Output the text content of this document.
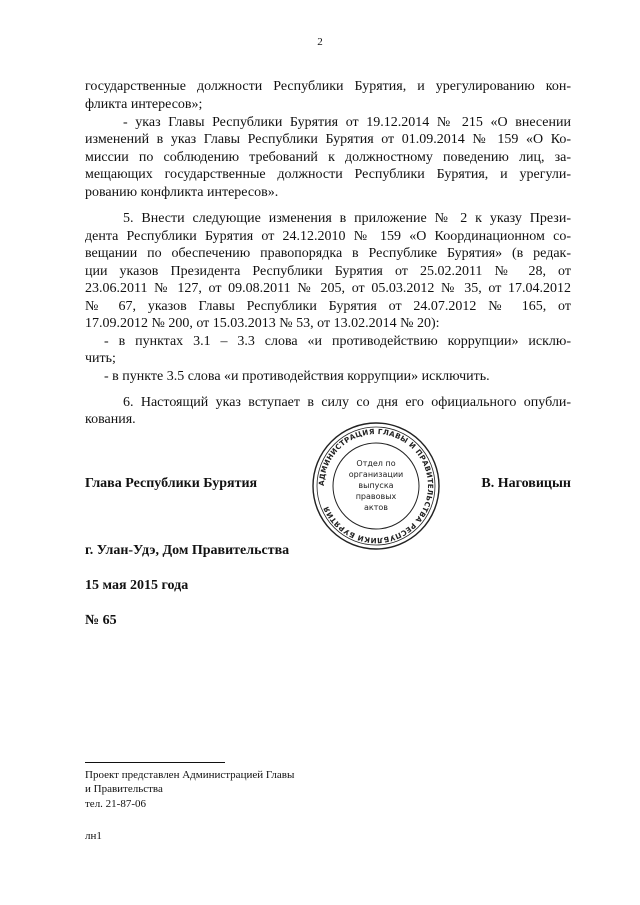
2
государственные должности Республики Бурятия, и урегулированию кон-
фликта интересов»;
- указ Главы Республики Бурятия от 19.12.2014 № 215 «О внесении
изменений в указ Главы Республики Бурятия от 01.09.2014 № 159 «О Ко-
миссии по соблюдению требований к должностному поведению лиц, за-
мещающих государственные должности Республики Бурятия, и урегули-
рованию конфликта интересов».
5. Внести следующие изменения в приложение № 2 к указу Прези-
дента Республики Бурятия от 24.12.2010 № 159 «О Координационном со-
вещании по обеспечению правопорядка в Республике Бурятия» (в редак-
ции указов Президента Республики Бурятия от 25.02.2011 № 28, от
23.06.2011 № 127, от 09.08.2011 № 205, от 05.03.2012 № 35, от 17.04.2012
№ 67, указов Главы Республики Бурятия от 24.07.2012 № 165, от
17.09.2012 № 200, от 15.03.2013 № 53, от 13.02.2014 № 20):
- в пунктах 3.1 – 3.3 слова «и противодействию коррупции» исклю-
чить;
- в пункте 3.5 слова «и противодействия коррупции» исключить.
6. Настоящий указ вступает в силу со дня его официального опубли-
кования.
Глава Республики Бурятия	В. Наговицын
АДМИНИСТРАЦИЯ ГЛАВЫ И ПРАВИТЕЛЬСТВА РЕСПУБЛИКИ БУРЯТИЯ
Отдел по
организации
выпуска
правовых
актов
г. Улан-Удэ, Дом Правительства
15 мая 2015 года
№ 65
Проект представлен Администрацией Главы
и Правительства
тел. 21-87-06
лн1
